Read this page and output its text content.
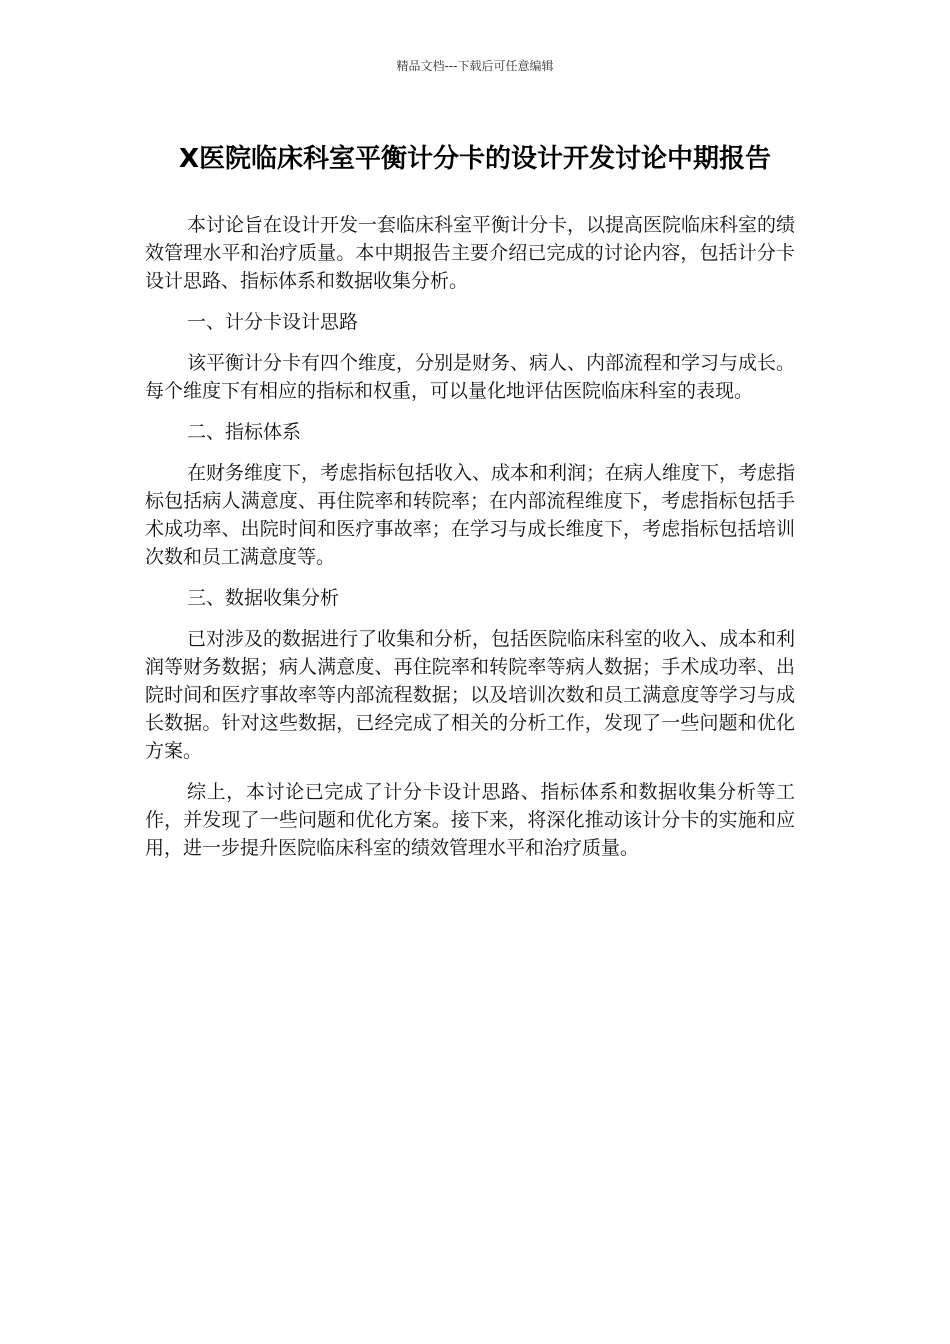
精品文档---下载后可任意编辑
X医院临床科室平衡计分卡的设计开发讨论中期报告

本讨论旨在设计开发一套临床科室平衡计分卡，以提高医院临床科室的绩效管理水平和治疗质量。本中期报告主要介绍已完成的讨论内容，包括计分卡设计思路、指标体系和数据收集分析。

一、计分卡设计思路

该平衡计分卡有四个维度，分别是财务、病人、内部流程和学习与成长。每个维度下有相应的指标和权重，可以量化地评估医院临床科室的表现。

二、指标体系

在财务维度下，考虑指标包括收入、成本和利润；在病人维度下，考虑指标包括病人满意度、再住院率和转院率；在内部流程维度下，考虑指标包括手术成功率、出院时间和医疗事故率；在学习与成长维度下，考虑指标包括培训次数和员工满意度等。

三、数据收集分析

已对涉及的数据进行了收集和分析，包括医院临床科室的收入、成本和利润等财务数据；病人满意度、再住院率和转院率等病人数据；手术成功率、出院时间和医疗事故率等内部流程数据；以及培训次数和员工满意度等学习与成长数据。针对这些数据，已经完成了相关的分析工作，发现了一些问题和优化方案。

综上，本讨论已完成了计分卡设计思路、指标体系和数据收集分析等工作，并发现了一些问题和优化方案。接下来，将深化推动该计分卡的实施和应用，进一步提升医院临床科室的绩效管理水平和治疗质量。
